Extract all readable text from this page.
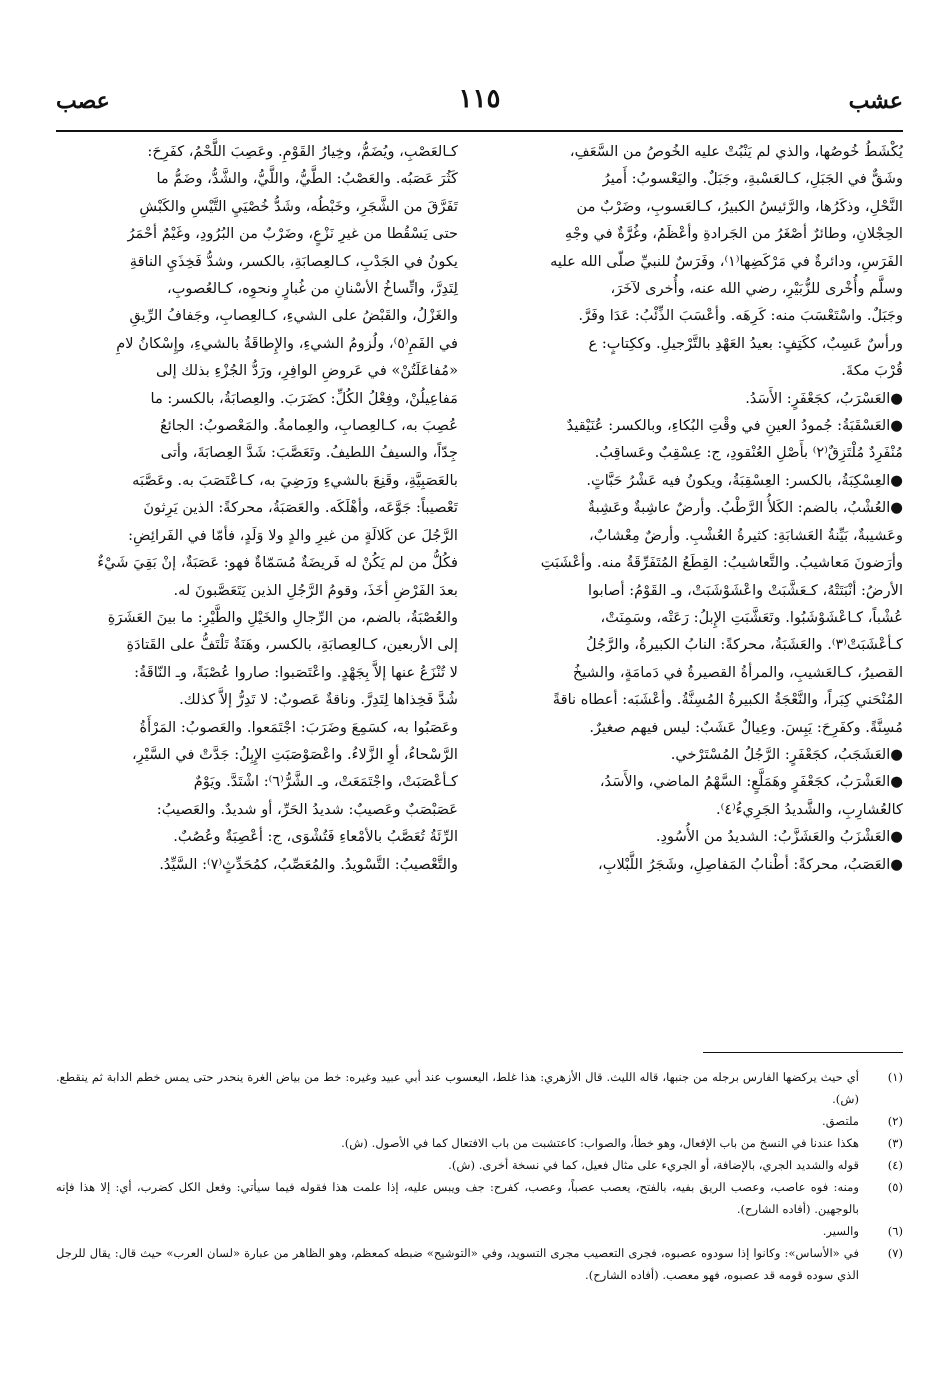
عشب
١١٥
عصب

يُكْشَطُ خُوصُها، والذي لم يَنْبُتْ عليه الخُوصُ من السَّعَفِ،

وشَقٌّ في الجَبَلِ، كـالعَسْبةِ، وجَبَلٌ. واليَعْسوبُ: أَميرُ

النَّحْلِ، وذكَرُها، والرَّئيسُ الكبيرُ، كـالعَسوبِ، وضَرْبٌ من

الحِجْلانِ، وطائرٌ أصْغَرُ من الجَرادةِ وأعْظَمُ، وغُرَّةٌ في وجْهِ

الفَرَسِ، ودائرةٌ في مَرْكَضِها⁽١⁾، وفَرَسٌ للنبيِّ صلّى الله عليه

وسلَّم وأُخْرى للزُّبَيْرِ، رضي الله عنه، وأُخرى لآخَرَ،

وجَبَلٌ. واسْتَعْسَبَ منه: كَرِهَه. وأعْسَبَ الذِّئْبُ: عَدَا وفَرَّ.

ورأسٌ عَسِبٌ، ككَتِفٍ: بعيدُ العَهْدِ بالتَّرْجيلِ. وككِتابٍ: ع

قُرْبَ مكةَ.

●العَسْرَبُ، كجَعْفَرٍ: الأَسَدُ.

●العَسْقَبَةُ: جُمودُ العينِ في وقْتِ البُكاءِ، وبالكسر: عُنَيْقيدٌ

مُنْفَرِدٌ مُلْتَزِقٌ⁽٢⁾ بأَصْلِ العُنْقودِ، ج: عِسْقِبٌ وعَساقِبُ.

●العِسْكِبَةُ، بالكسر: العِسْقِبَةُ، ويكونُ فيه عَشْرُ حَبَّاتٍ.

●العُشْبُ، بالضم: الكَلأُ الرَّطْبُ. وأرضٌ عاشِبةٌ وعَشِبةٌ

وعَشيبةٌ، بَيِّنةُ العَشابَةِ: كثيرةُ العُشْبِ. وأرضٌ مِعْشابٌ،

وأرَضونَ مَعاشيبُ. والتَّعاشيبُ: القِطَعُ المُتَفَرِّقَةُ منه. وأعْشَبَتِ

الأرضُ: أنْبَتَتْهُ، كـعَشَّبَتْ واعْشَوْشَبَتْ، وـ القَوْمُ: أصابوا

عُشْباً، كـاعْشَوْشَبُوا. وتَعَشَّبَتِ الإِبلُ: رَعَتْه، وسَمِنَتْ،

كـأعْشَبَتْ⁽٣⁾. والعَشَبَةُ، محركةً: النابُ الكبيرةُ، والرَّجُلُ

القصيرُ، كـالعَشيبِ، والمرأةُ القصيرةُ في دَمامَةٍ، والشيخُ

المُنْحَني كِبَراً، والنَّعْجَةُ الكبيرةُ المُسِنَّةُ. وأعْشَبَه: أعطاه ناقةً

مُسِنَّةً. وكفَرِحَ: يَبِسَ. وعِيالٌ عَشَبٌ: ليس فيهم صغيرٌ.

●العَشَجَبُ، كجَعْفَرٍ: الرَّجُلُ المُسْتَرْخي.

●العَشْرَبُ، كجَعْفَرٍ وهَمَلَّعٍ: السَّهْمُ الماضي، والأَسَدُ،

كالعُشارِبِ، والشَّديدُ الجَرِيءُ⁽٤⁾.

●العَشْزَبُ والعَشَزَّبُ: الشديدُ من الأُسُودِ.

●العَصَبُ، محركةً: أطْنابُ المَفاصِلِ، وشَجَرُ اللَّبْلابِ،

كـالعَصْبِ، ويُضَمُّ، وخِيارُ القَوْمِ. وعَصِبَ اللَّحْمُ، كفَرِحَ:

كَثُرَ عَصَبُه. والعَصْبُ: الطَّيُّ، واللَّيُّ، والشَّدُّ، وضَمُّ ما

تَفَرَّقَ من الشَّجَرِ، وخَبْطُه، وشَدُّ خُصْيَيِ التَّيْسِ والكَبْشِ

حتى يَسْقُطا من غيرِ نَزْعٍ، وضَرْبٌ من البُرُودِ، وغَيْمٌ أحْمَرُ

يكونُ في الجَدْبِ، كـالعِصابَةِ، بالكسر، وشدُّ فَخِذَيِ الناقةِ

لِتَدِرَّ، واتِّساخُ الأسْنانِ من غُبارٍ ونحوِه، كـالعُصوبِ،

والغَزْلُ، والقَبْضُ على الشيءِ، كـالعِصابِ، وجَفافُ الرِّيقِ

في الفَمِ⁽٥⁾، ولُزومُ الشيءِ، والإِطاقَةُ بالشيءِ، وإِسْكانُ لامِ

«مُفاعَلَتُنْ» في عَروضِ الوافِرِ، ورَدُّ الجُزْءِ بذلك إلى

مَفاعِيلُنْ، وفِعْلُ الكُلِّ: كضَرَبَ. والعِصابَةُ، بالكسر: ما

عُصِبَ به، كـالعِصابِ، والعِمامةُ. والمَعْصوبُ: الجائعُ

جِدّاً، والسيفُ اللطيفُ. وتَعَصَّبَ: شَدَّ العِصابَةَ، وأتى

بالعَصَبِيَّةِ، وقَنِعَ بالشيءِ ورَضِيَ به، كـاعْتَصَبَ به. وعَصَّبَه

تَعْصيباً: جَوَّعَه، وأهْلَكَه. والعَصَبَةُ، محركةً: الذين يَرِثونَ

الرَّجُلَ عن كَلالَةٍ من غيرِ والدٍ ولا وَلَدٍ، فأمّا في الفَرائِضِ:

فكُلُّ من لم يَكُنْ له فَريضَةٌ مُسَمّاةٌ فهو: عَصَبَةٌ، إنْ بَقِيَ شَيْءٌ

بعدَ الفَرْضِ أخَذَ، وقومُ الرَّجُلِ الذين يَتَعَصَّبونَ له.

والعُصْبَةُ، بالضم، من الرِّجالِ والخَيْلِ والطَّيْرِ: ما بينَ العَشَرَةِ

إلى الأربعين، كـالعِصابَةِ، بالكسر، وهَنَةٌ تَلْتَفُّ على القَتادَةِ

لا تُنْزَعُ عنها إلاَّ بِجَهْدٍ. واعْتَصَبوا: صاروا عُصْبَةً، وـ النّاقَةُ:

شُدَّ فَخِذاها لِتَدِرَّ. وناقةٌ عَصوبٌ: لا تَدِرُّ إلاَّ كذلك.

وعَصَبُوا به، كسَمِعَ وضَرَبَ: اجْتَمَعوا. والعَصوبُ: المَرْأَةُ

الرَّسْحاءُ، أوِ الزَّلاءُ. واعْصَوْصَبَتِ الإِبِلُ: جَدَّتْ في السَّيْرِ،

كـأعْصَبَتْ، واجْتَمَعَتْ، وـ الشَّرُّ⁽٦⁾: اشْتَدَّ. ويَوْمٌ

عَصَبْصَبٌ وعَصيبٌ: شديدُ الحَرِّ، أو شديدٌ. والعَصيبُ:

الرِّئَةُ تُعَصَّبُ بالأمْعاءِ فَتُشْوَى، ج: أعْصِبَةٌ وعُصُبٌ.

والتَّعْصيبُ: التَّسْويدُ. والمُعَصِّبُ، كمُحَدِّثٍ⁽٧⁾: السَّيِّدُ.

(١)
أي حيث يركضها الفارس برجله من جنبها، قاله الليث. قال الأزهري: هذا غلط، اليعسوب عند أبي عبيد وغيره: خط من بياض الغرة ينحدر حتى يمس خطم الدابة ثم ينقطع. (ش).
(٢)
ملتصق.
(٣)
هكذا عندنا في النسخ من باب الإفعال، وهو خطأ، والصواب: كاعتشبت من باب الافتعال كما في الأصول. (ش).
(٤)
قوله والشديد الجري، بالإضافة، أو الجريء على مثال فعيل، كما في نسخة أخرى. (ش).
(٥)
ومنه: فوه عاصب، وعصب الريق بفيه، بالفتح، يعصب عصباً، وعصب، كفرح: جف ويبس عليه، إذا علمت هذا فقوله فيما سيأتي: وفعل الكل كضرب، أي: إلا هذا فإنه بالوجهين. (أفاده الشارح).
(٦)
والسير.
(٧)
في «الأساس»: وكانوا إذا سودوه عصبوه، فجرى التعصيب مجرى التسويد، وفي «التوشيح» ضبطه كمعظم، وهو الظاهر من عبارة «لسان العرب» حيث قال: يقال للرجل الذي سوده قومه قد عصبوه، فهو معصب. (أفاده الشارح).
